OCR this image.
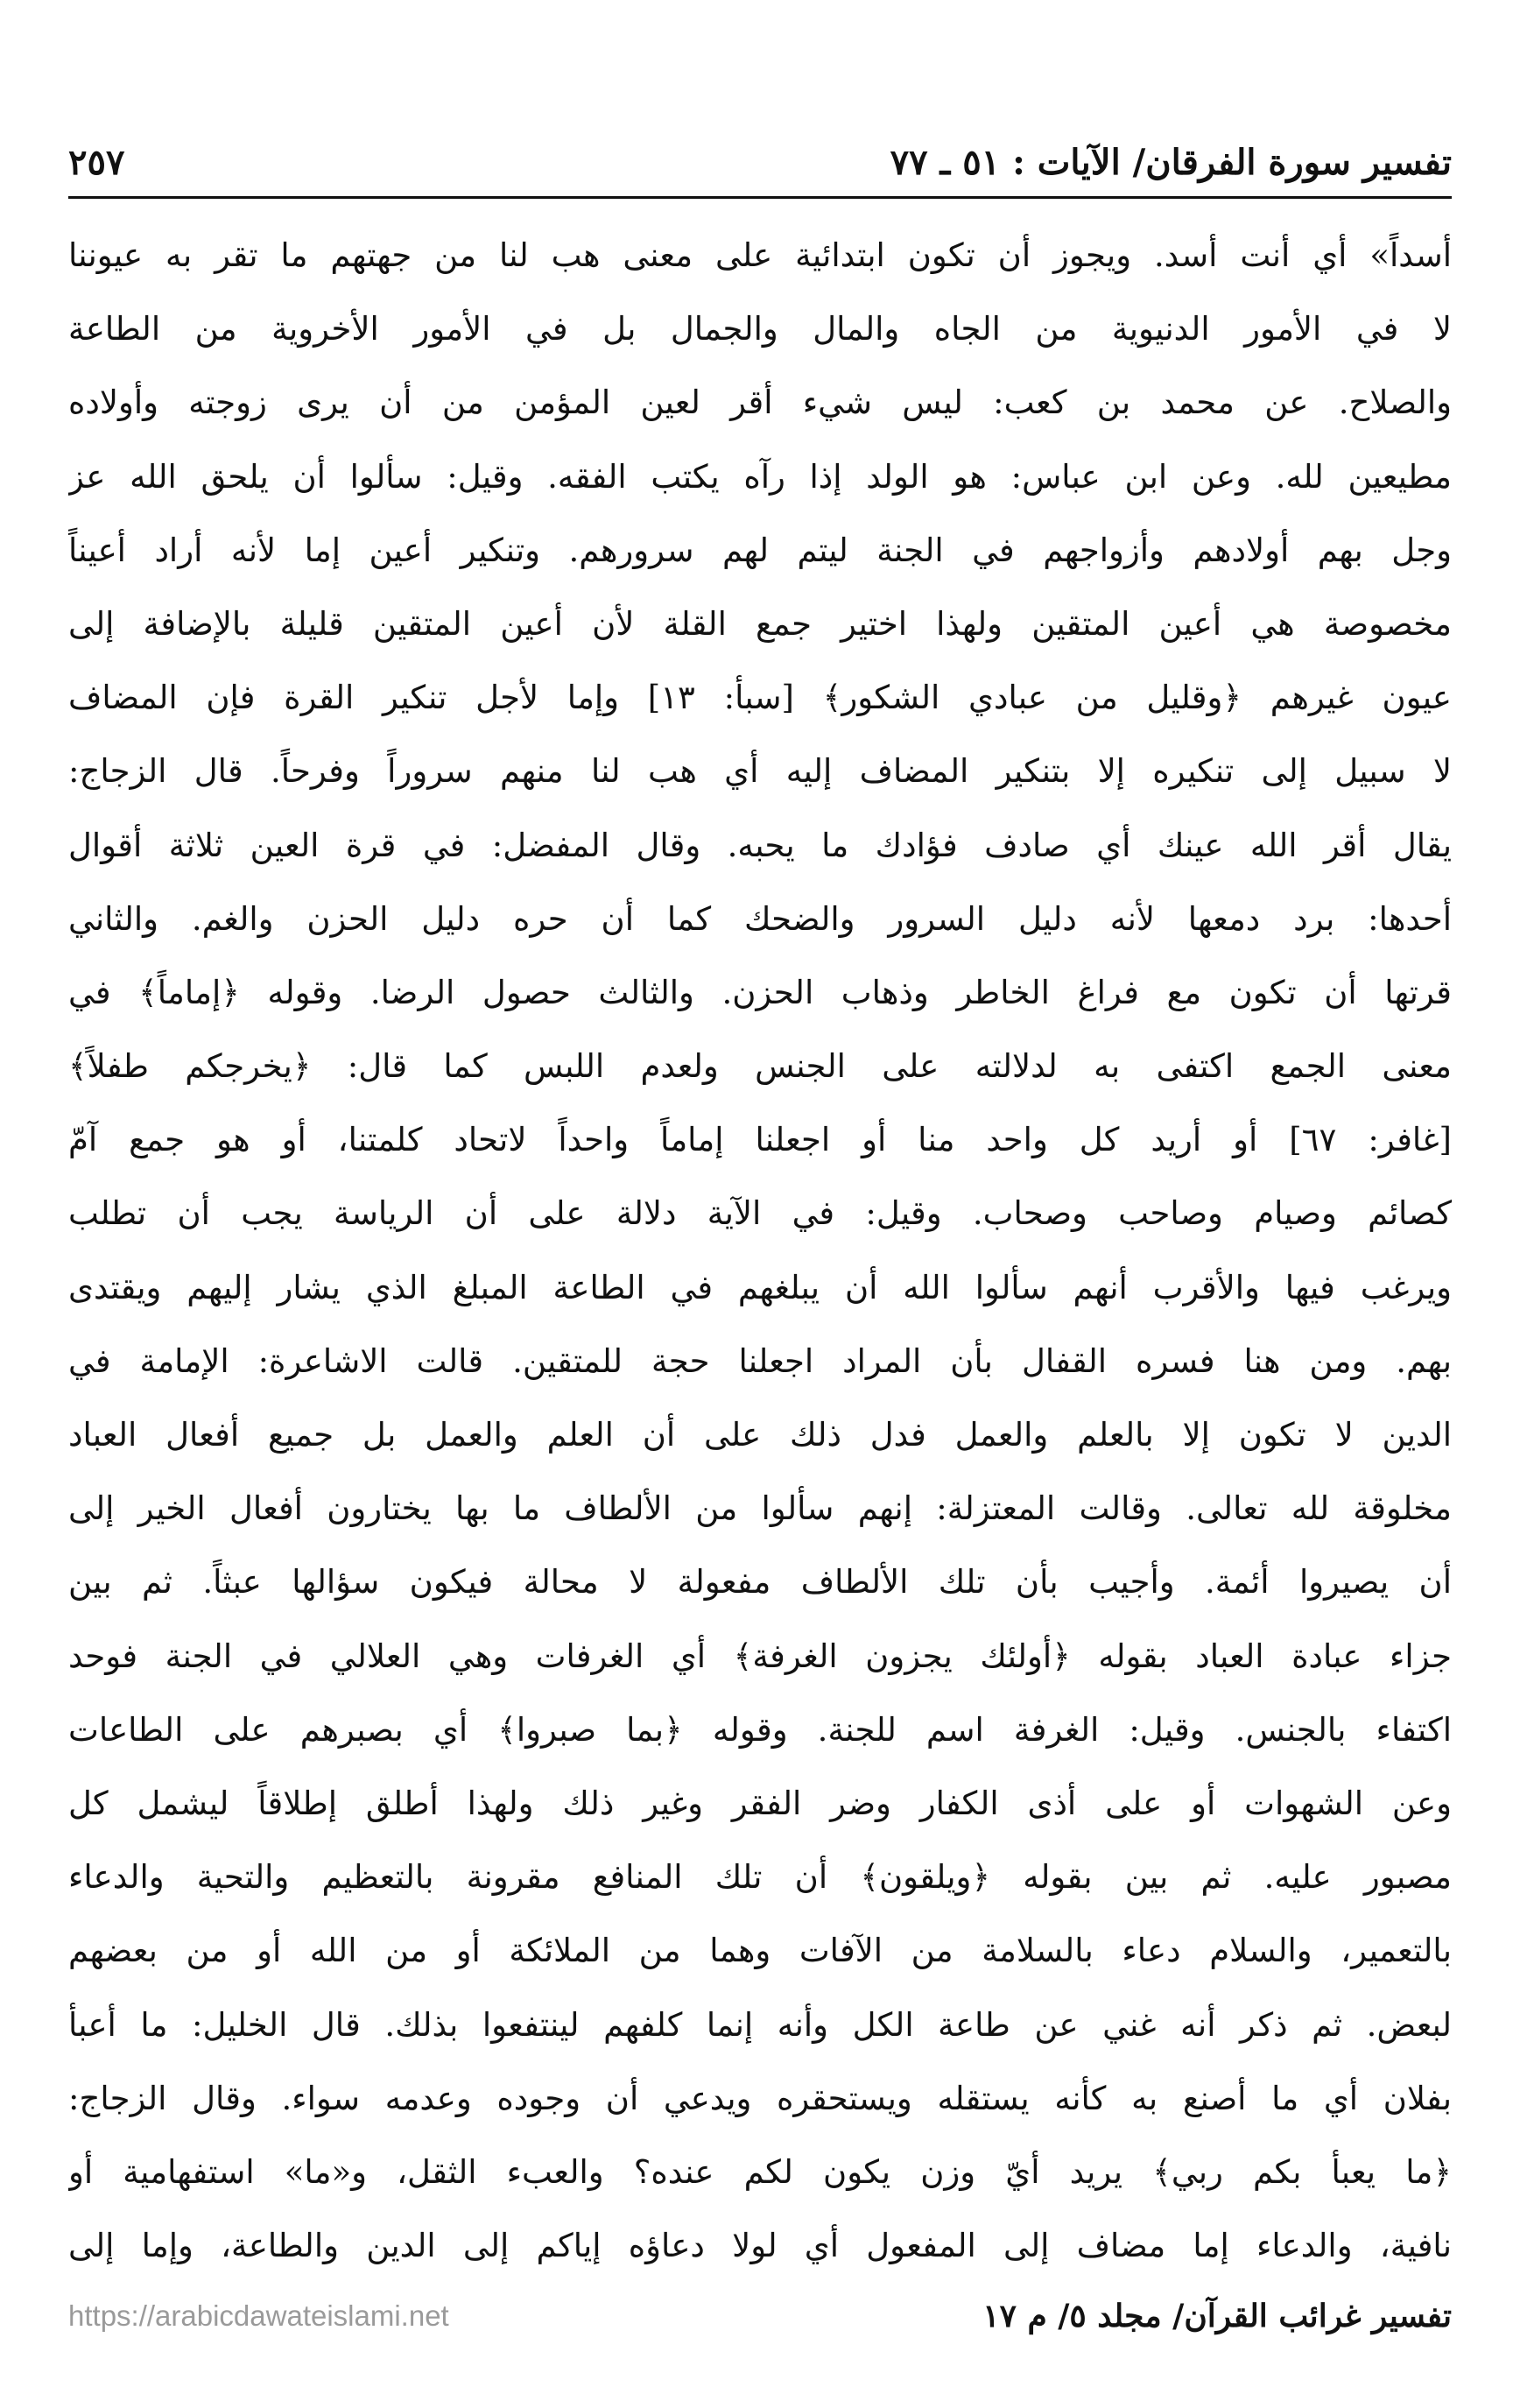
تفسير سورة الفرقان/ الآيات : ٥١ ـ ٧٧
٢٥٧
أسداً» أي أنت أسد. ويجوز أن تكون ابتدائية على معنى هب لنا من جهتهم ما تقر به عيوننا
لا في الأمور الدنيوية من الجاه والمال والجمال بل في الأمور الأخروية من الطاعة
والصلاح. عن محمد بن كعب: ليس شيء أقر لعين المؤمن من أن يرى زوجته وأولاده
مطيعين لله. وعن ابن عباس: هو الولد إذا رآه يكتب الفقه. وقيل: سألوا أن يلحق الله عز
وجل بهم أولادهم وأزواجهم في الجنة ليتم لهم سرورهم. وتنكير أعين إما لأنه أراد أعيناً
مخصوصة هي أعين المتقين ولهذا اختير جمع القلة لأن أعين المتقين قليلة بالإضافة إلى
عيون غيرهم ﴿وقليل من عبادي الشكور﴾ [سبأ: ١٣] وإما لأجل تنكير القرة فإن المضاف
لا سبيل إلى تنكيره إلا بتنكير المضاف إليه أي هب لنا منهم سروراً وفرحاً. قال الزجاج:
يقال أقر الله عينك أي صادف فؤادك ما يحبه. وقال المفضل: في قرة العين ثلاثة أقوال
أحدها: برد دمعها لأنه دليل السرور والضحك كما أن حره دليل الحزن والغم. والثاني
قرتها أن تكون مع فراغ الخاطر وذهاب الحزن. والثالث حصول الرضا. وقوله ﴿إماماً﴾ في
معنى الجمع اكتفى به لدلالته على الجنس ولعدم اللبس كما قال: ﴿يخرجكم طفلاً﴾
[غافر: ٦٧] أو أريد كل واحد منا أو اجعلنا إماماً واحداً لاتحاد كلمتنا، أو هو جمع آمّ
كصائم وصيام وصاحب وصحاب. وقيل: في الآية دلالة على أن الرياسة يجب أن تطلب
ويرغب فيها والأقرب أنهم سألوا الله أن يبلغهم في الطاعة المبلغ الذي يشار إليهم ويقتدى
بهم. ومن هنا فسره القفال بأن المراد اجعلنا حجة للمتقين. قالت الاشاعرة: الإمامة في
الدين لا تكون إلا بالعلم والعمل فدل ذلك على أن العلم والعمل بل جميع أفعال العباد
مخلوقة لله تعالى. وقالت المعتزلة: إنهم سألوا من الألطاف ما بها يختارون أفعال الخير إلى
أن يصيروا أئمة. وأجيب بأن تلك الألطاف مفعولة لا محالة فيكون سؤالها عبثاً. ثم بين
جزاء عبادة العباد بقوله ﴿أولئك يجزون الغرفة﴾ أي الغرفات وهي العلالي في الجنة فوحد
اكتفاء بالجنس. وقيل: الغرفة اسم للجنة. وقوله ﴿بما صبروا﴾ أي بصبرهم على الطاعات
وعن الشهوات أو على أذى الكفار وضر الفقر وغير ذلك ولهذا أطلق إطلاقاً ليشمل كل
مصبور عليه. ثم بين بقوله ﴿ويلقون﴾ أن تلك المنافع مقرونة بالتعظيم والتحية والدعاء
بالتعمير، والسلام دعاء بالسلامة من الآفات وهما من الملائكة أو من الله أو من بعضهم
لبعض. ثم ذكر أنه غني عن طاعة الكل وأنه إنما كلفهم لينتفعوا بذلك. قال الخليل: ما أعبأ
بفلان أي ما أصنع به كأنه يستقله ويستحقره ويدعي أن وجوده وعدمه سواء. وقال الزجاج:
﴿ما يعبأ بكم ربي﴾ يريد أيّ وزن يكون لكم عنده؟ والعبء الثقل، و«ما» استفهامية أو
نافية، والدعاء إما مضاف إلى المفعول أي لولا دعاؤه إياكم إلى الدين والطاعة، وإما إلى
تفسير غرائب القرآن/ مجلد ٥/ م ١٧
https://arabicdawateislami.net
